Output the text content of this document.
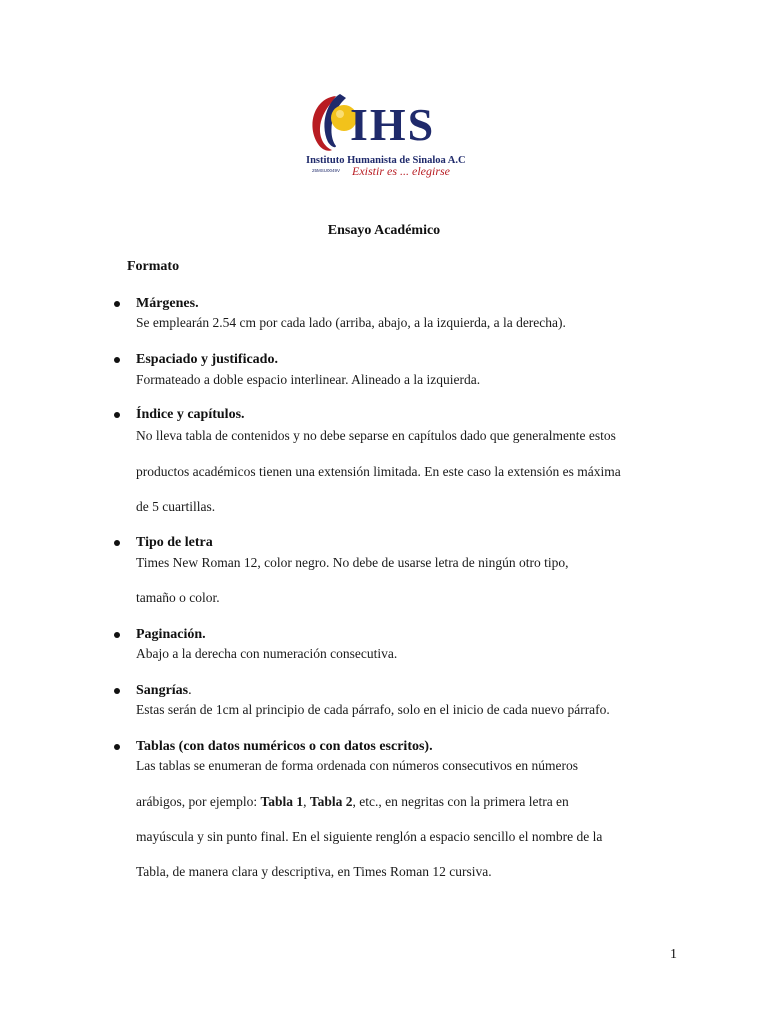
IHS
Instituto Humanista de Sinaloa A.C
25MSU0049V Existir es ... elegirse
Ensayo Académico
Formato
Márgenes.
Se emplearán 2.54 cm por cada lado (arriba, abajo, a la izquierda, a la derecha).
Espaciado y justificado.
Formateado a doble espacio interlinear. Alineado a la izquierda.
Índice y capítulos.
No lleva tabla de contenidos y no debe separse en capítulos dado que generalmente estos
productos académicos tienen una extensión limitada. En este caso la extensión es máxima
de 5 cuartillas.
Tipo de letra
Times New Roman 12, color negro. No debe de usarse letra de ningún otro tipo,
tamaño o color.
Paginación.
Abajo a la derecha con numeración consecutiva.
Sangrías.
Estas serán de 1cm al principio de cada párrafo, solo en el inicio de cada nuevo párrafo.
Tablas (con datos numéricos o con datos escritos).
Las tablas se enumeran de forma ordenada con números consecutivos en números
arábigos, por ejemplo: Tabla 1, Tabla 2, etc., en negritas con la primera letra en
mayúscula y sin punto final. En el siguiente renglón a espacio sencillo el nombre de la
Tabla, de manera clara y descriptiva, en Times Roman 12 cursiva.
1
